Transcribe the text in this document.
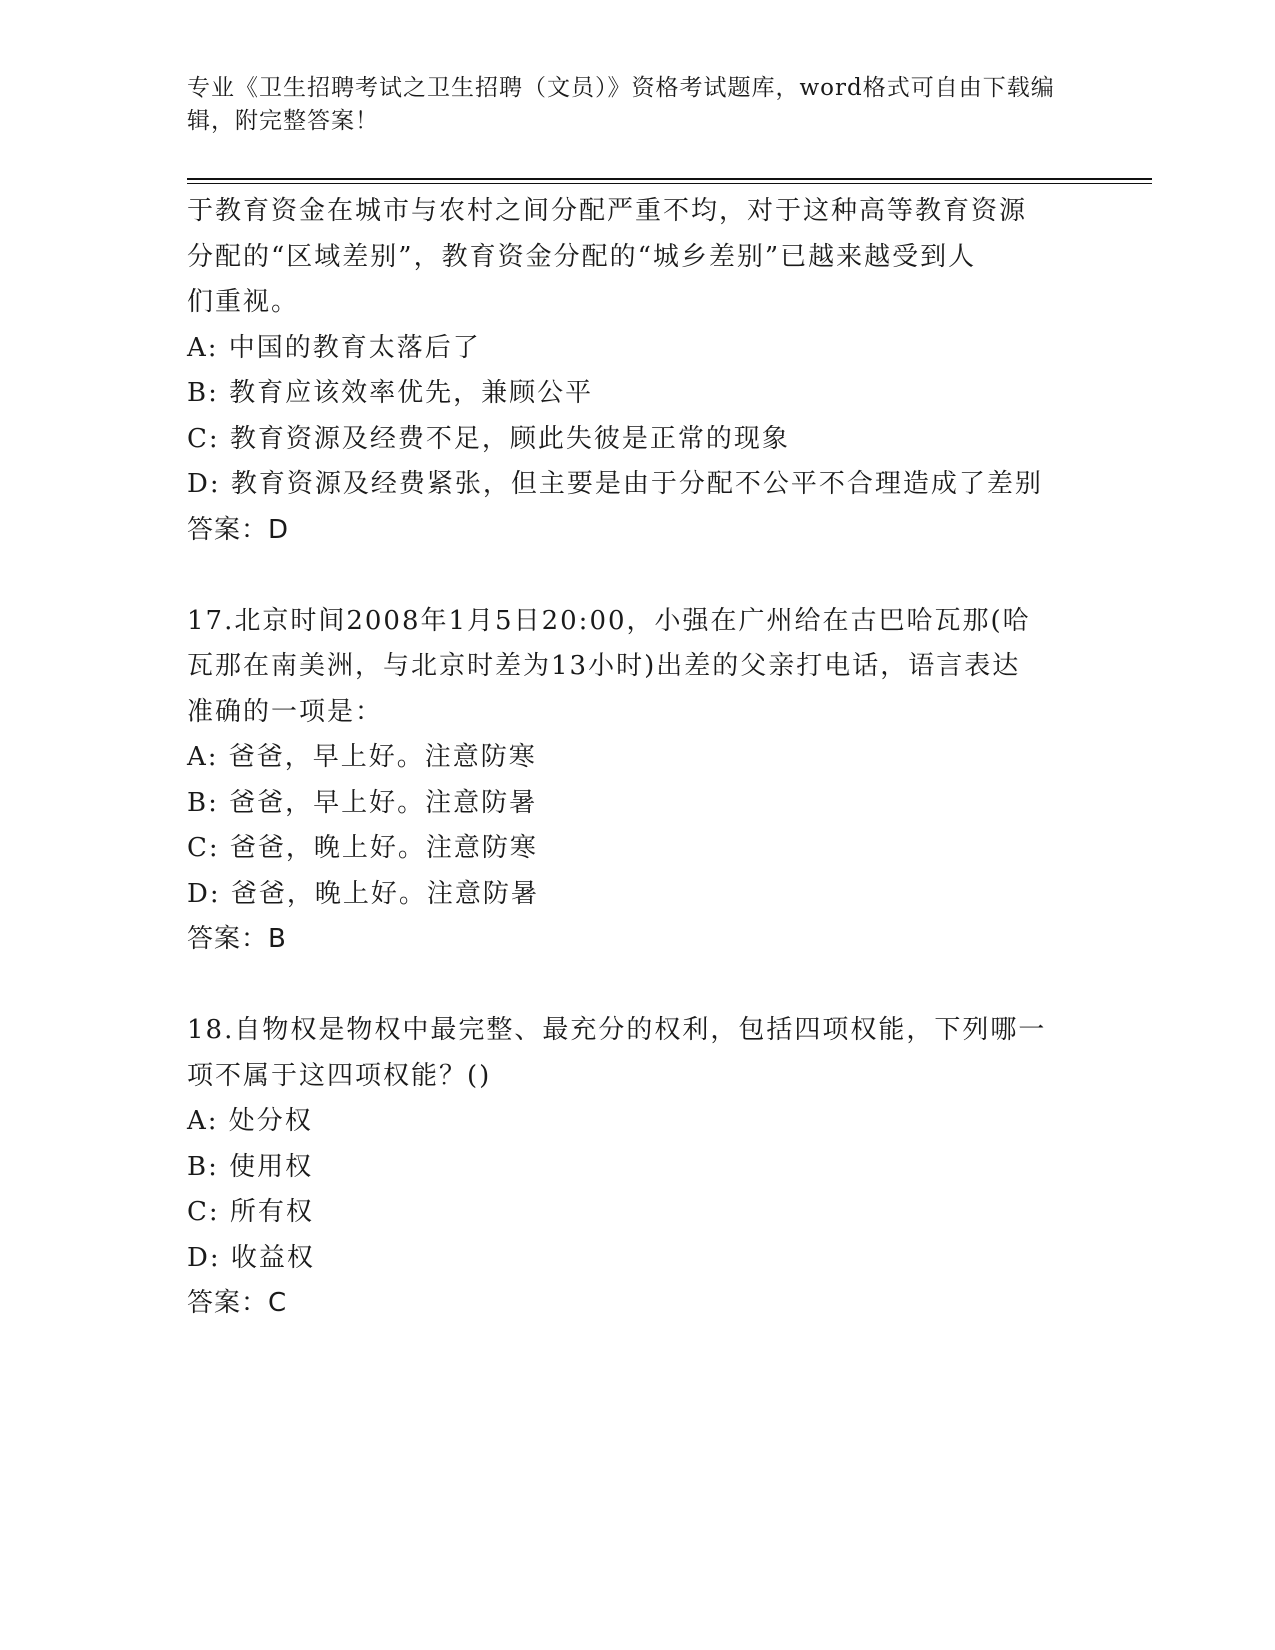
专业《卫生招聘考试之卫生招聘（文员）》资格考试题库，word格式可自由下载编辑，附完整答案！
于教育资金在城市与农村之间分配严重不均，对于这种高等教育资源
分配的“区域差别”，教育资金分配的“城乡差别”已越来越受到人
们重视。
A: 中国的教育太落后了
B: 教育应该效率优先，兼顾公平
C: 教育资源及经费不足，顾此失彼是正常的现象
D: 教育资源及经费紧张，但主要是由于分配不公平不合理造成了差别
答案：D
17.北京时间2008年1月5日20:00，小强在广州给在古巴哈瓦那(哈
瓦那在南美洲，与北京时差为13小时)出差的父亲打电话，语言表达
准确的一项是：
A: 爸爸，早上好。注意防寒
B: 爸爸，早上好。注意防暑
C: 爸爸，晚上好。注意防寒
D: 爸爸，晚上好。注意防暑
答案：B
18.自物权是物权中最完整、最充分的权利，包括四项权能，下列哪一
项不属于这四项权能？()
A: 处分权
B: 使用权
C: 所有权
D: 收益权
答案：C
